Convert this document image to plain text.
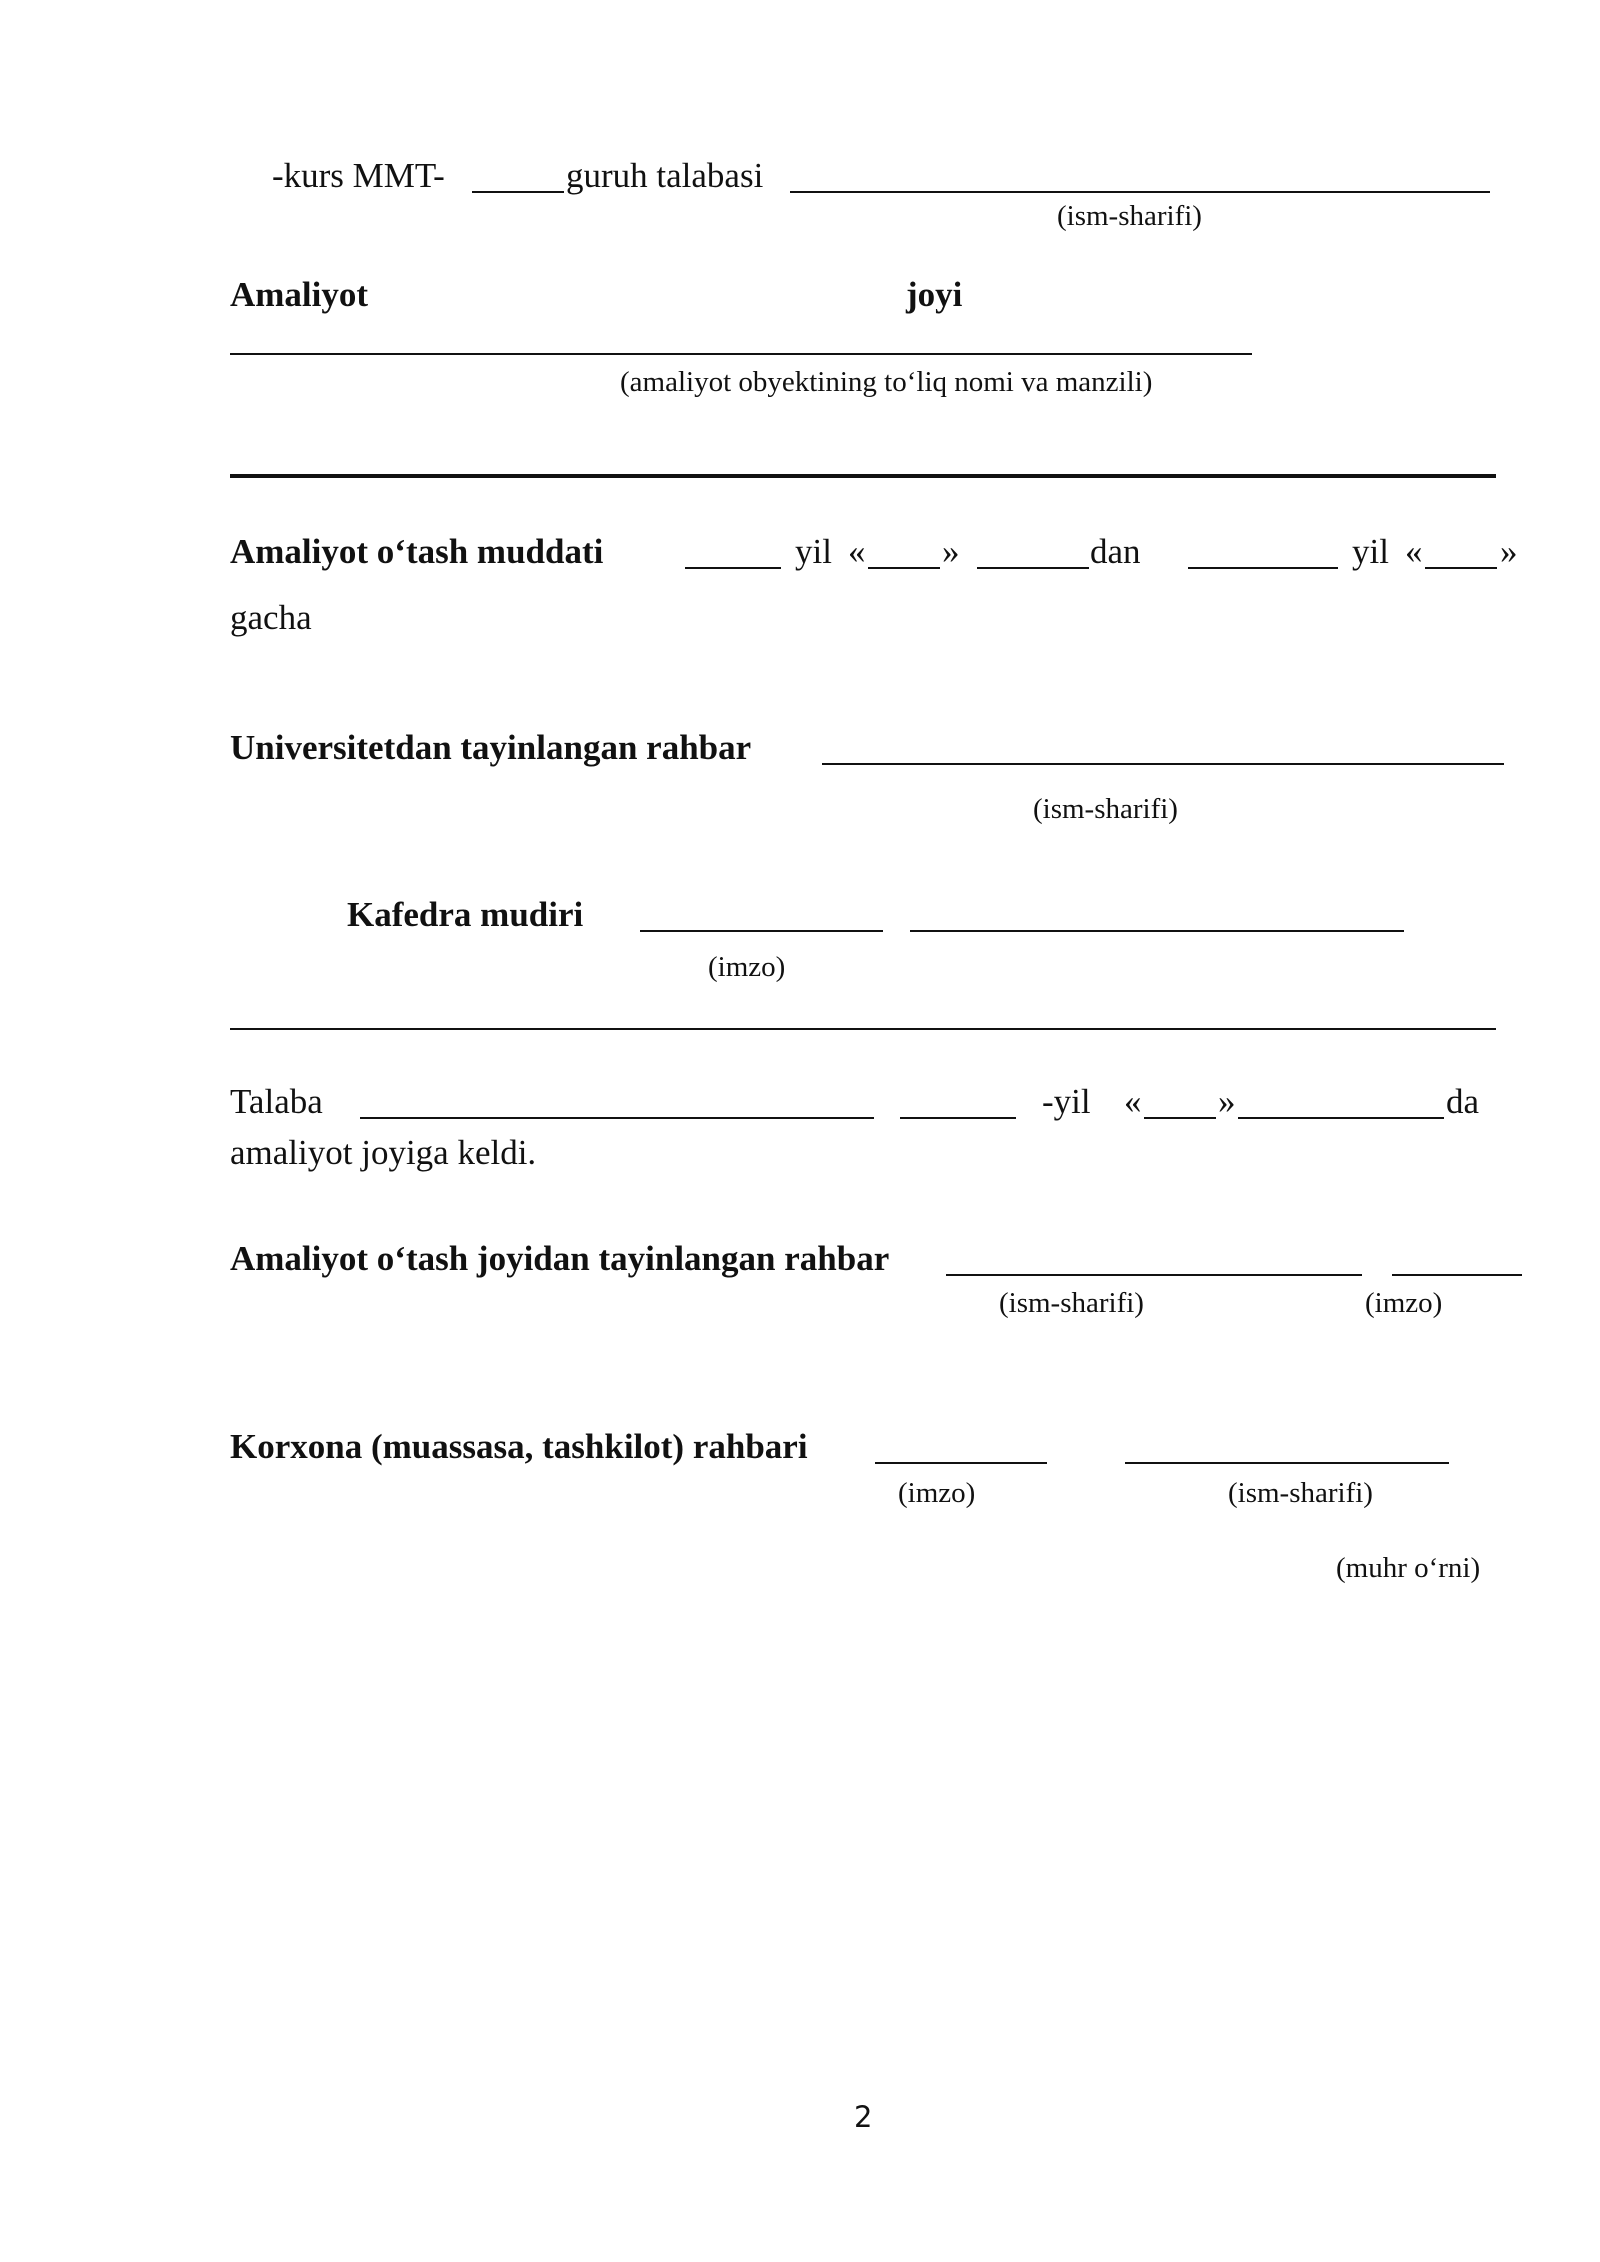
-kurs MMT-	guruh talabasi
(ism-sharifi)
Amaliyot	joyi
(amaliyot obyektining to‘liq nomi va manzili)
Amaliyot o‘tash muddati	yil « »	dan	yil « »
gacha
Universitetdan tayinlangan rahbar
(ism-sharifi)
Kafedra mudiri
(imzo)
Talaba	-yil « »	da
amaliyot joyiga keldi.
Amaliyot o‘tash joyidan tayinlangan rahbar
(ism-sharifi)	(imzo)
Korxona (muassasa, tashkilot) rahbari
(imzo)	(ism-sharifi)
(muhr o‘rni)
2
